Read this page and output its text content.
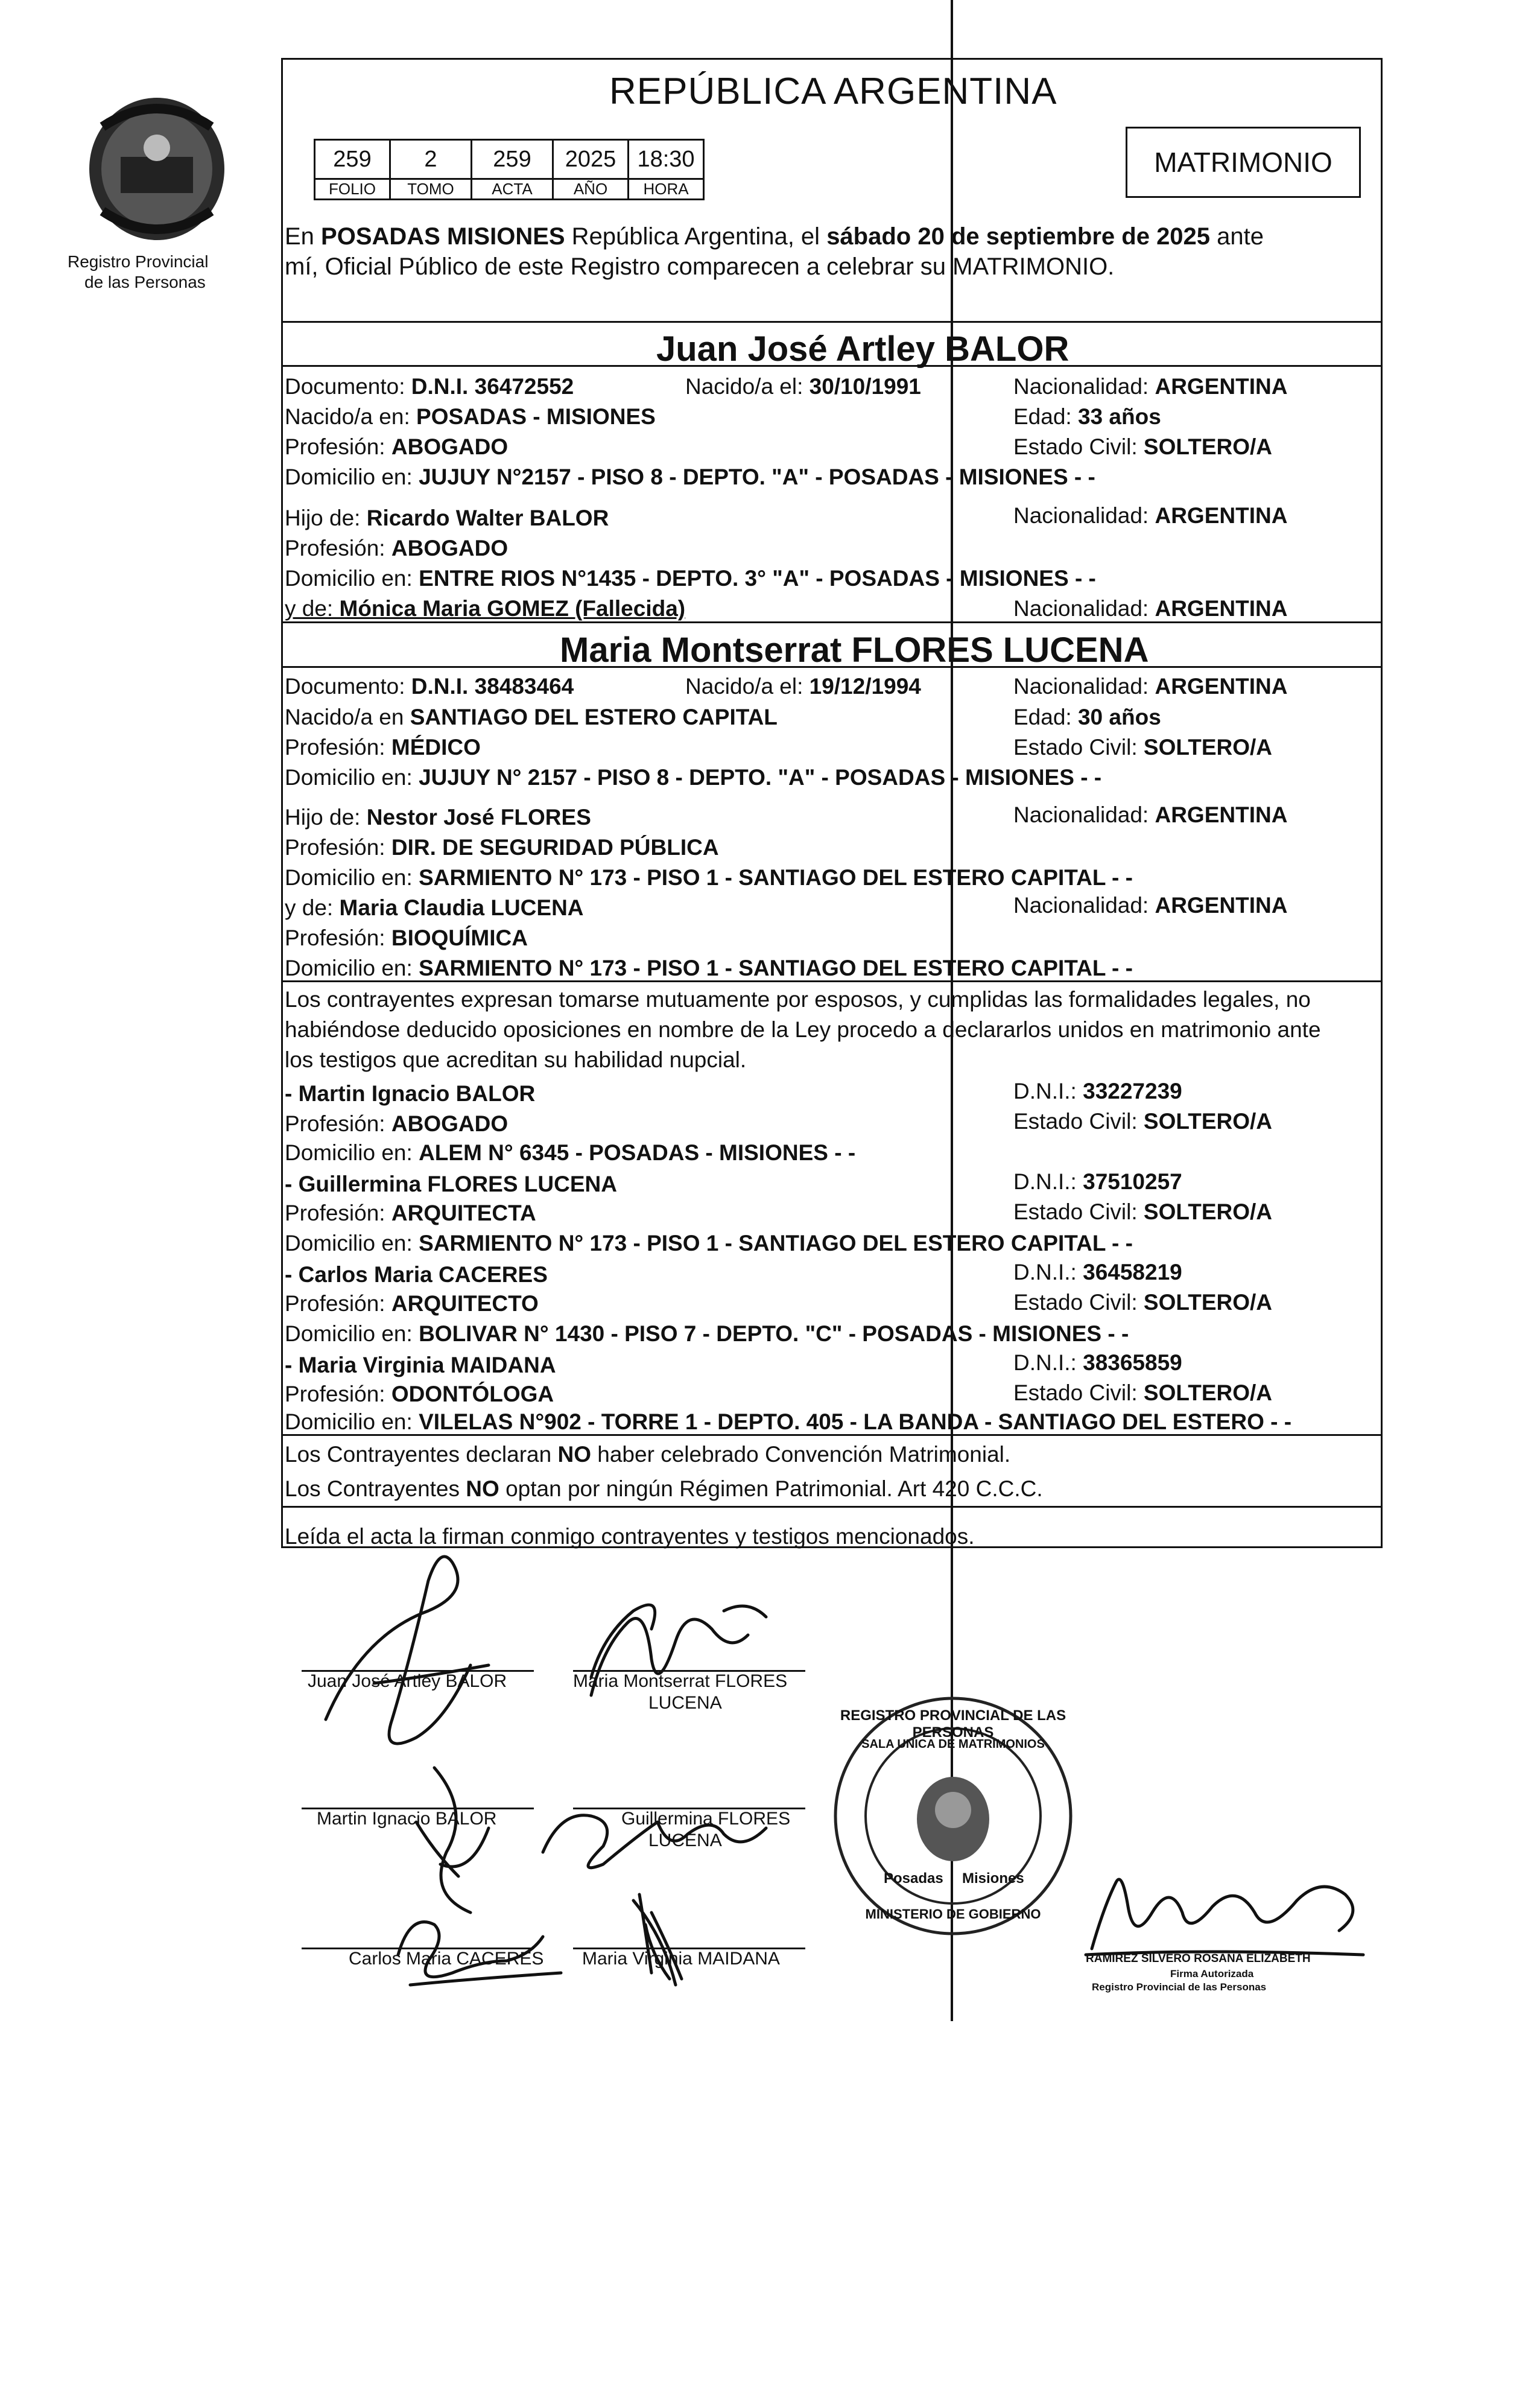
Registro Provincial
de las Personas
REPÚBLICA ARGENTINA
259	2	259	2025	18:30
FOLIO	TOMO	ACTA	AÑO	HORA
MATRIMONIO
En POSADAS MISIONES República Argentina, el sábado 20 de septiembre de 2025 ante
mí, Oficial Público de este Registro comparecen a celebrar su MATRIMONIO.
Juan José Artley BALOR
Documento: D.N.I. 36472552	Nacido/a el: 30/10/1991	Nacionalidad: ARGENTINA
Nacido/a en: POSADAS - MISIONES	Edad: 33 años
Profesión: ABOGADO	Estado Civil: SOLTERO/A
Domicilio en: JUJUY N°2157 - PISO 8 - DEPTO. "A" - POSADAS - MISIONES - -
Hijo de: Ricardo Walter BALOR	Nacionalidad: ARGENTINA
Profesión: ABOGADO
Domicilio en: ENTRE RIOS N°1435 - DEPTO. 3° "A" - POSADAS - MISIONES - -
y de: Mónica Maria GOMEZ (Fallecida)	Nacionalidad: ARGENTINA
Maria Montserrat FLORES LUCENA
Documento: D.N.I. 38483464	Nacido/a el: 19/12/1994	Nacionalidad: ARGENTINA
Nacido/a en SANTIAGO DEL ESTERO CAPITAL	Edad: 30 años
Profesión: MÉDICO	Estado Civil: SOLTERO/A
Domicilio en: JUJUY N° 2157 - PISO 8 - DEPTO. "A" - POSADAS - MISIONES - -
Hijo de: Nestor José FLORES	Nacionalidad: ARGENTINA
Profesión: DIR. DE SEGURIDAD PÚBLICA
Domicilio en: SARMIENTO N° 173 - PISO 1 - SANTIAGO DEL ESTERO CAPITAL - -
y de: Maria Claudia LUCENA	Nacionalidad: ARGENTINA
Profesión: BIOQUÍMICA
Domicilio en: SARMIENTO N° 173 - PISO 1 - SANTIAGO DEL ESTERO CAPITAL - -
Los contrayentes expresan tomarse mutuamente por esposos, y cumplidas las formalidades legales, no
habiéndose deducido oposiciones en nombre de la Ley procedo a declararlos unidos en matrimonio ante
los testigos que acreditan su habilidad nupcial.
- Martin Ignacio BALOR	D.N.I.: 33227239
Profesión: ABOGADO	Estado Civil: SOLTERO/A
Domicilio en: ALEM N° 6345 - POSADAS - MISIONES - -
- Guillermina FLORES LUCENA	D.N.I.: 37510257
Profesión: ARQUITECTA	Estado Civil: SOLTERO/A
Domicilio en: SARMIENTO N° 173 - PISO 1 - SANTIAGO DEL ESTERO CAPITAL - -
- Carlos Maria CACERES	D.N.I.: 36458219
Profesión: ARQUITECTO	Estado Civil: SOLTERO/A
Domicilio en: BOLIVAR N° 1430 - PISO 7 - DEPTO. "C" - POSADAS - MISIONES - -
- Maria Virginia MAIDANA	D.N.I.: 38365859
Profesión: ODONTÓLOGA	Estado Civil: SOLTERO/A
Domicilio en: VILELAS N°902 - TORRE 1 - DEPTO. 405 - LA BANDA - SANTIAGO DEL ESTERO - -
Los Contrayentes declaran NO haber celebrado Convención Matrimonial.
Los Contrayentes NO optan por ningún Régimen Patrimonial. Art 420 C.C.C.
Leída el acta la firman conmigo contrayentes y testigos mencionados.
Juan José Artley BALOR	Maria Montserrat FLORES
LUCENA
Martin Ignacio BALOR	Guillermina FLORES
LUCENA
Carlos Maria CACERES Maria Virginia MAIDANA
REGISTRO PROVINCIAL DE LAS PERSONAS
SALA UNICA DE MATRIMONIOS
Posadas Misiones
MINISTERIO DE GOBIERNO
RAMIREZ SILVERO ROSANA ELIZABETH
Firma Autorizada
Registro Provincial de las Personas
